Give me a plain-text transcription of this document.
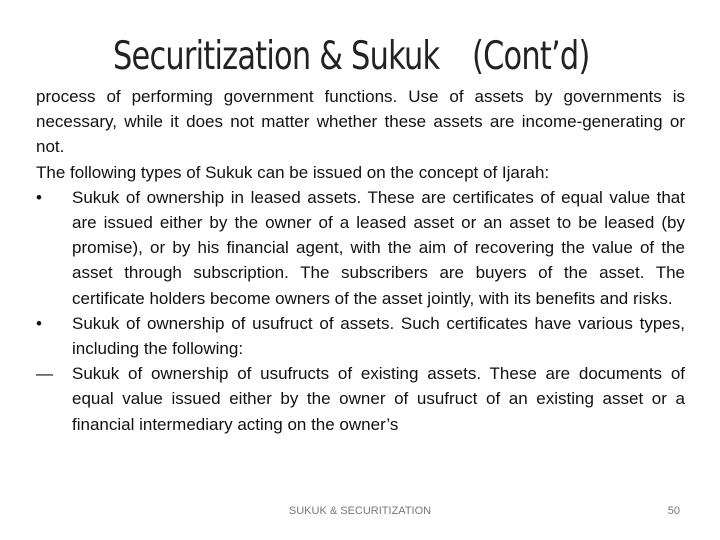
Securitization & Sukuk (Cont’d)

process of performing government functions. Use of assets by governments is necessary, while it does not matter whether these assets are income-generating or not.

The following types of Sukuk can be issued on the concept of Ijarah:

• Sukuk of ownership in leased assets. These are certificates of equal value that are issued either by the owner of a leased asset or an asset to be leased (by promise), or by his financial agent, with the aim of recovering the value of the asset through subscription. The subscribers are buyers of the asset. The certificate holders become owners of the asset jointly, with its benefits and risks.
• Sukuk of ownership of usufruct of assets. Such certificates have various types, including the following:
— Sukuk of ownership of usufructs of existing assets. These are documents of equal value issued either by the owner of usufruct of an existing asset or a financial intermediary acting on the owner’s
SUKUK & SECURITIZATION	50
